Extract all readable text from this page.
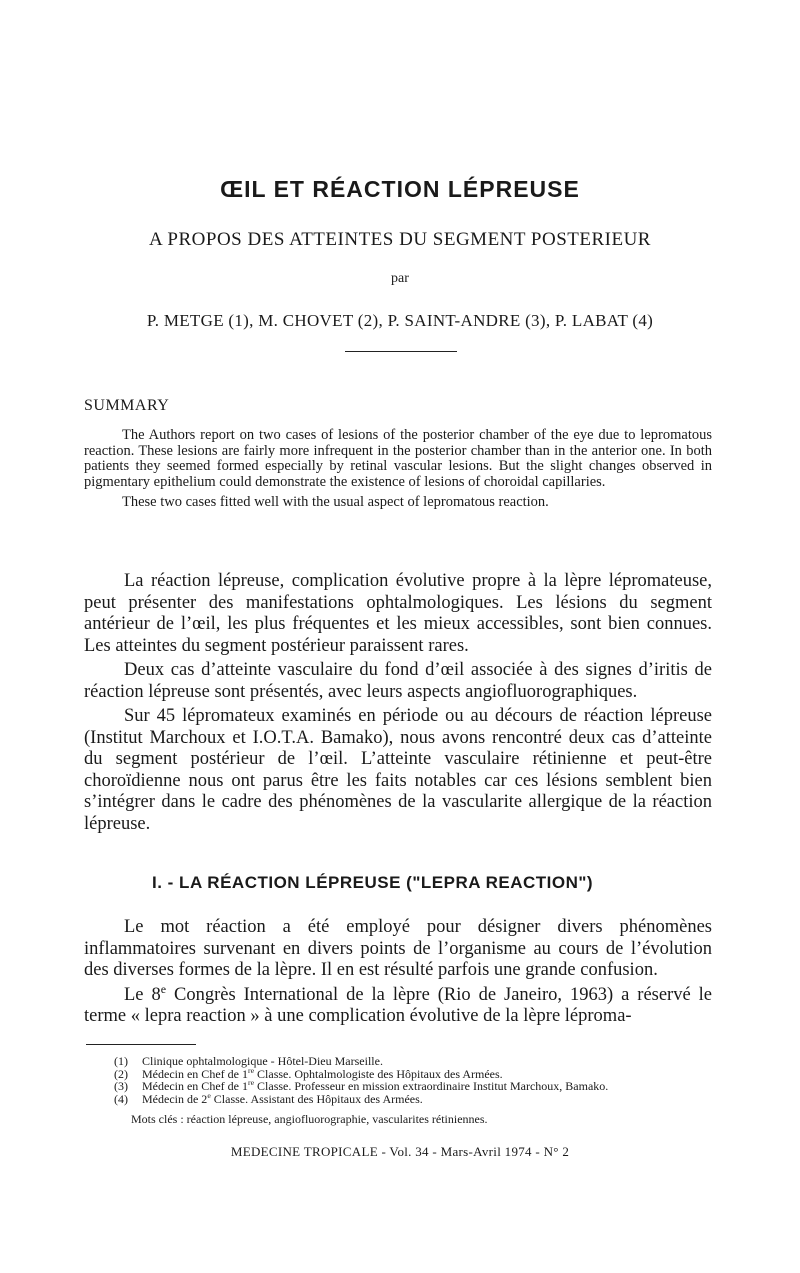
ŒIL ET RÉACTION LÉPREUSE
A PROPOS DES ATTEINTES DU SEGMENT POSTERIEUR
par
P. METGE (1), M. CHOVET (2), P. SAINT-ANDRE (3), P. LABAT (4)
SUMMARY

The Authors report on two cases of lesions of the posterior chamber of the eye due to lepromatous reaction. These lesions are fairly more infrequent in the posterior chamber than in the anterior one. In both patients they seemed formed especially by retinal vascular lesions. But the slight changes observed in pigmentary epithelium could demonstrate the existence of lesions of choroidal capillaries.

These two cases fitted well with the usual aspect of lepromatous reaction.

La réaction lépreuse, complication évolutive propre à la lèpre lépromateuse, peut présenter des manifestations ophtalmologiques. Les lésions du segment antérieur de l’œil, les plus fréquentes et les mieux accessibles, sont bien connues. Les atteintes du segment postérieur paraissent rares.

Deux cas d’atteinte vasculaire du fond d’œil associée à des signes d’iritis de réaction lépreuse sont présentés, avec leurs aspects angiofluorographiques.

Sur 45 lépromateux examinés en période ou au décours de réaction lépreuse (Institut Marchoux et I.O.T.A. Bamako), nous avons rencontré deux cas d’atteinte du segment postérieur de l’œil. L’atteinte vasculaire rétinienne et peut-être choroïdienne nous ont parus être les faits notables car ces lésions semblent bien s’intégrer dans le cadre des phénomènes de la vascularite allergique de la réaction lépreuse.

I. - LA RÉACTION LÉPREUSE ("LEPRA REACTION")

Le mot réaction a été employé pour désigner divers phénomènes inflammatoires survenant en divers points de l’organisme au cours de l’évolution des diverses formes de la lèpre. Il en est résulté parfois une grande confusion.

Le 8e Congrès International de la lèpre (Rio de Janeiro, 1963) a réservé le terme « lepra reaction » à une complication évolutive de la lèpre léproma-

(1) Clinique ophtalmologique - Hôtel-Dieu Marseille.

(2) Médecin en Chef de 1re Classe. Ophtalmologiste des Hôpitaux des Armées.

(3) Médecin en Chef de 1re Classe. Professeur en mission extraordinaire Institut Marchoux, Bamako.

(4) Médecin de 2e Classe. Assistant des Hôpitaux des Armées.

Mots clés : réaction lépreuse, angiofluorographie, vascularites rétiniennes.
MEDECINE TROPICALE - Vol. 34 - Mars-Avril 1974 - N° 2
